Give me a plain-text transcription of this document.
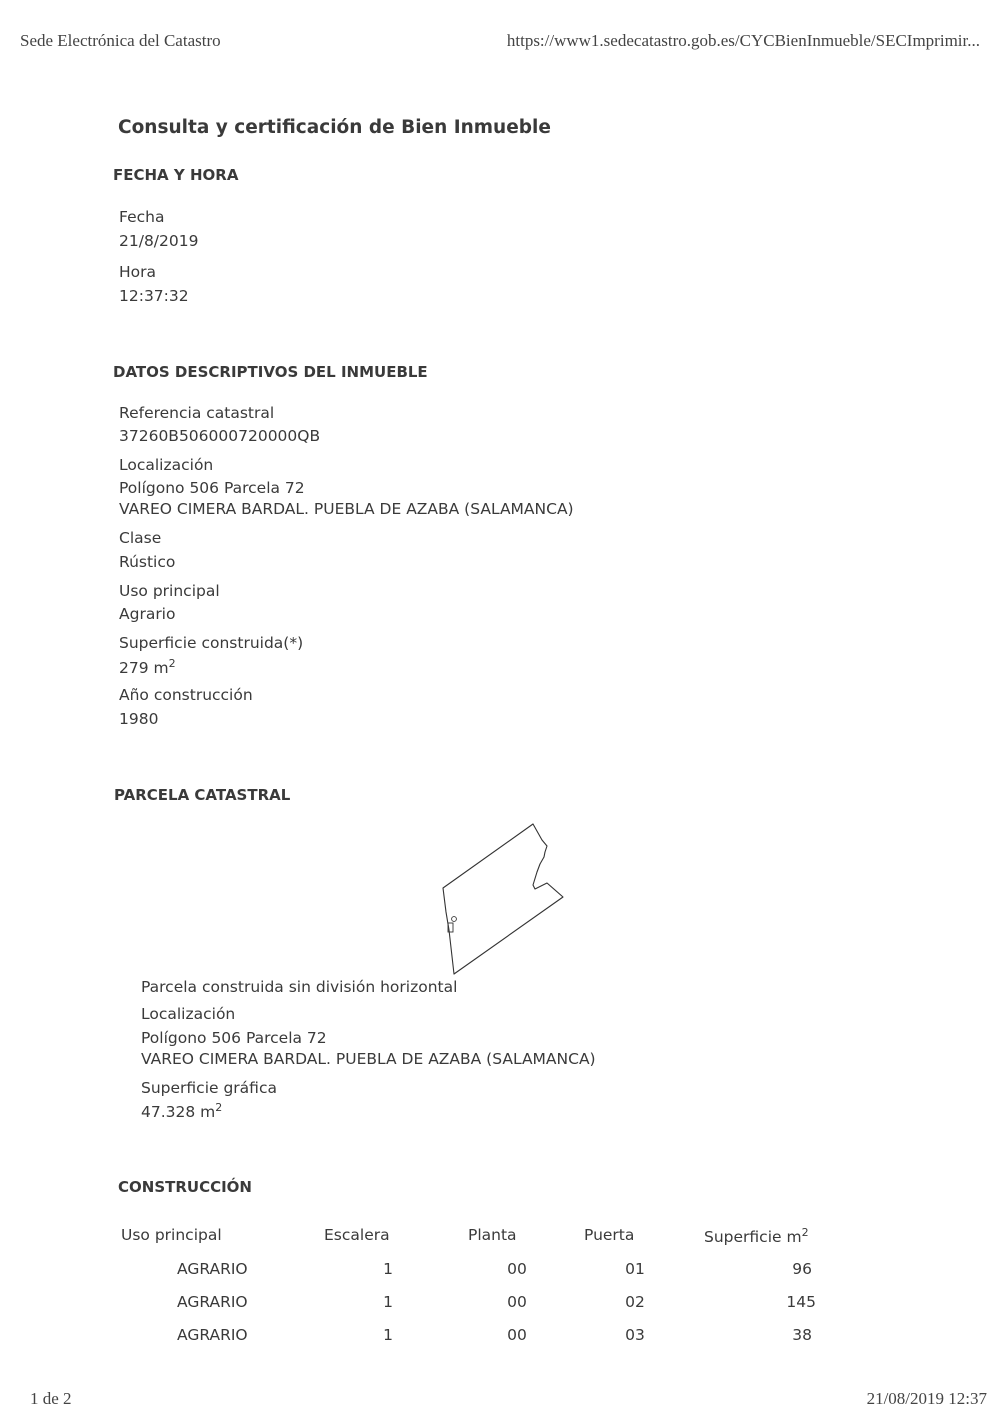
Sede Electrónica del Catastro	https://www1.sedecatastro.gob.es/CYCBienInmueble/SECImprimir...
Consulta y certificación de Bien Inmueble
FECHA Y HORA
Fecha
21/8/2019
Hora
12:37:32
DATOS DESCRIPTIVOS DEL INMUEBLE
Referencia catastral
37260B506000720000QB
Localización
Polígono 506 Parcela 72
VAREO CIMERA BARDAL. PUEBLA DE AZABA (SALAMANCA)
Clase
Rústico
Uso principal
Agrario
Superficie construida(*)
279 $m^2$
Año construcción
1980
PARCELA CATASTRAL
Parcela construida sin división horizontal
Localización
Polígono 506 Parcela 72
VAREO CIMERA BARDAL. PUEBLA DE AZABA (SALAMANCA)
Superficie gráfica
47.328 $m^2$
CONSTRUCCIÓN
Uso principal	Escalera	Planta	Puerta	Superficie $m^2$
AGRARIO	1	00	01	96
AGRARIO	1	00	02	145
AGRARIO	1	00	03	38
1 de 2	21/08/2019 12:37
